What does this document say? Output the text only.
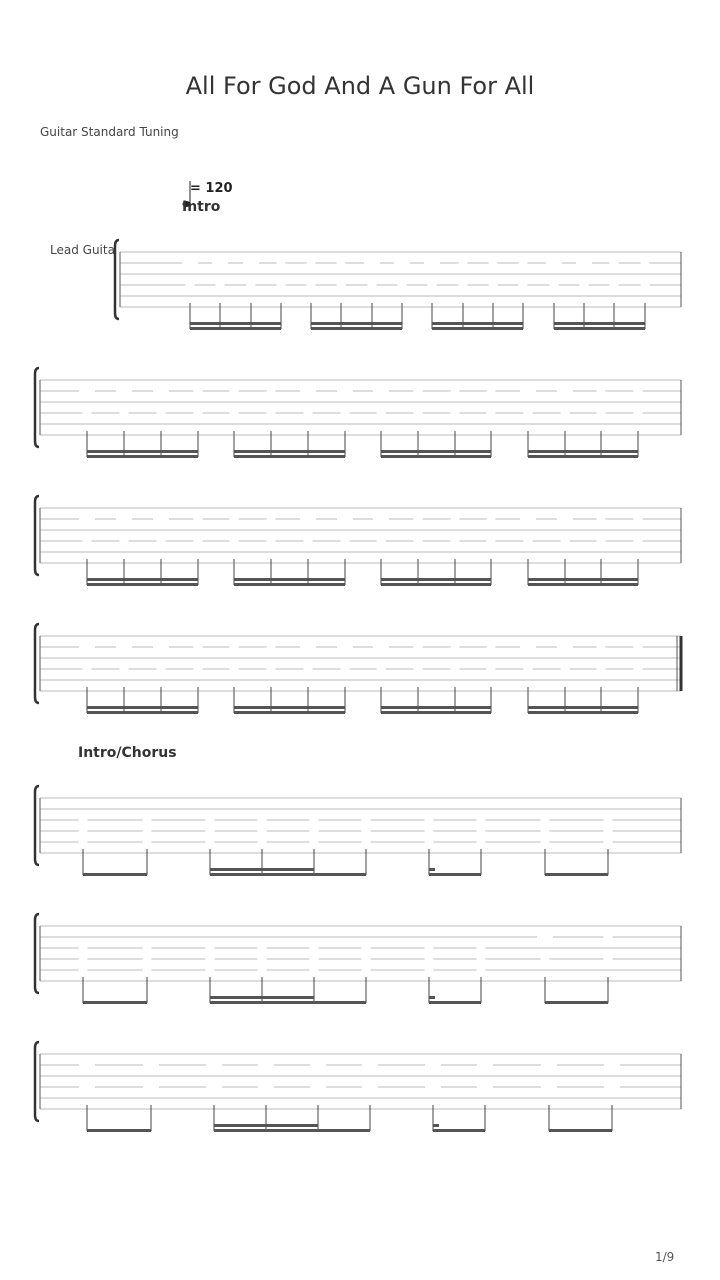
All For God And A Gun For All
Guitar Standard Tuning
= 120
Intro
Intro/Chorus
Lead Guita
1/9
